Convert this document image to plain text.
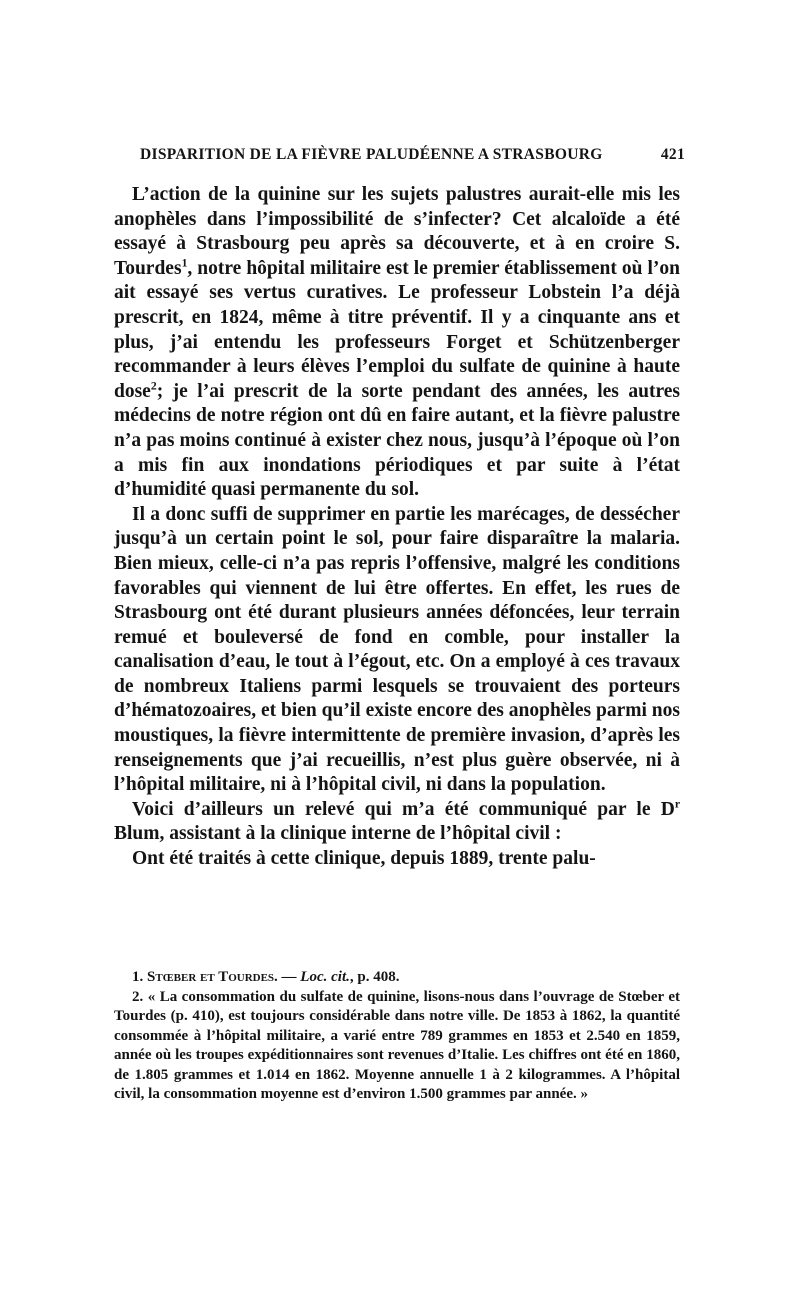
DISPARITION DE LA FIÈVRE PALUDÉENNE A STRASBOURG	421

L’action de la quinine sur les sujets palustres aurait-elle mis les anophèles dans l’impossibilité de s’infecter? Cet alcaloïde a été essayé à Strasbourg peu après sa découverte, et à en croire S. Tourdes$^1$, notre hôpital militaire est le premier établissement où l’on ait essayé ses vertus curatives. Le professeur Lobstein l’a déjà prescrit, en 1824, même à titre préventif. Il y a cinquante ans et plus, j’ai entendu les professeurs Forget et Schützenberger recommander à leurs élèves l’emploi du sulfate de quinine à haute dose$^2$; je l’ai prescrit de la sorte pendant des années, les autres médecins de notre région ont dû en faire autant, et la fièvre palustre n’a pas moins continué à exister chez nous, jusqu’à l’époque où l’on a mis fin aux inondations périodiques et par suite à l’état d’humidité quasi permanente du sol.

Il a donc suffi de supprimer en partie les marécages, de dessécher jusqu’à un certain point le sol, pour faire disparaître la malaria. Bien mieux, celle-ci n’a pas repris l’offensive, malgré les conditions favorables qui viennent de lui être offertes. En effet, les rues de Strasbourg ont été durant plusieurs années défoncées, leur terrain remué et bouleversé de fond en comble, pour installer la canalisation d’eau, le tout à l’égout, etc. On a employé à ces travaux de nombreux Italiens parmi lesquels se trouvaient des porteurs d’hématozoaires, et bien qu’il existe encore des anophèles parmi nos moustiques, la fièvre intermittente de première invasion, d’après les renseignements que j’ai recueillis, n’est plus guère observée, ni à l’hôpital militaire, ni à l’hôpital civil, ni dans la population.

Voici d’ailleurs un relevé qui m’a été communiqué par le $D^r$ Blum, assistant à la clinique interne de l’hôpital civil :

Ont été traités à cette clinique, depuis 1889, trente palu-

1. Stœber et Tourdes. — Loc. cit., p. 408.

2. « La consommation du sulfate de quinine, lisons-nous dans l’ouvrage de Stœber et Tourdes (p. 410), est toujours considérable dans notre ville. De 1853 à 1862, la quantité consommée à l’hôpital militaire, a varié entre 789 grammes en 1853 et 2.540 en 1859, année où les troupes expéditionnaires sont revenues d’Italie. Les chiffres ont été en 1860, de 1.805 grammes et 1.014 en 1862. Moyenne annuelle 1 à 2 kilogrammes. A l’hôpital civil, la consommation moyenne est d’environ 1.500 grammes par année. »
